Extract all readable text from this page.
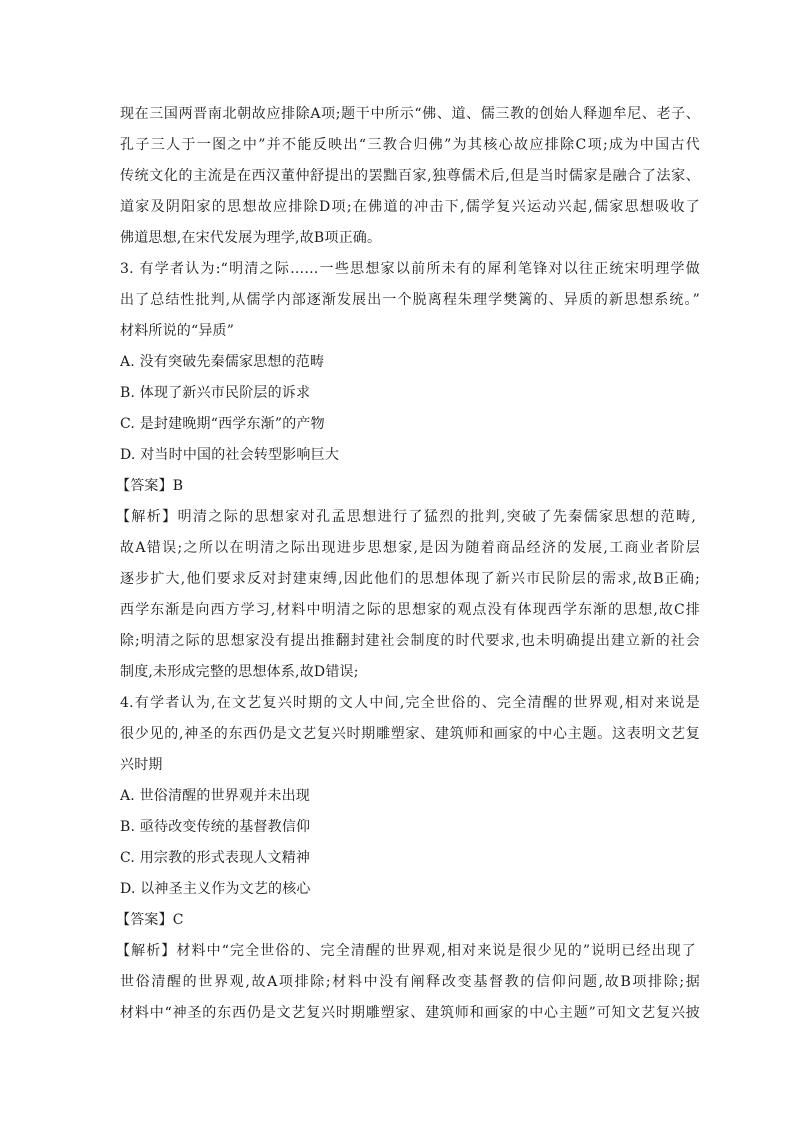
现在三国两晋南北朝故应排除A项;题干中所示“佛、道、儒三教的创始人释迦牟尼、老子、
孔子三人于一图之中”并不能反映出“三教合归佛”为其核心故应排除C项;成为中国古代
传统文化的主流是在西汉董仲舒提出的罢黜百家,独尊儒术后,但是当时儒家是融合了法家、
道家及阴阳家的思想故应排除D项;在佛道的冲击下,儒学复兴运动兴起,儒家思想吸收了
佛道思想,在宋代发展为理学,故B项正确。
3. 有学者认为:“明清之际……一些思想家以前所未有的犀利笔锋对以往正统宋明理学做
出了总结性批判,从儒学内部逐渐发展出一个脱离程朱理学樊篱的、异质的新思想系统。”
材料所说的“异质”
A. 没有突破先秦儒家思想的范畴
B. 体现了新兴市民阶层的诉求
C. 是封建晚期“西学东渐”的产物
D. 对当时中国的社会转型影响巨大
【答案】B
【解析】明清之际的思想家对孔孟思想进行了猛烈的批判,突破了先秦儒家思想的范畴,
故A错误;之所以在明清之际出现进步思想家,是因为随着商品经济的发展,工商业者阶层
逐步扩大,他们要求反对封建束缚,因此他们的思想体现了新兴市民阶层的需求,故B正确;
西学东渐是向西方学习,材料中明清之际的思想家的观点没有体现西学东渐的思想,故C排
除;明清之际的思想家没有提出推翻封建社会制度的时代要求,也未明确提出建立新的社会
制度,未形成完整的思想体系,故D错误;
4.有学者认为,在文艺复兴时期的文人中间,完全世俗的、完全清醒的世界观,相对来说是
很少见的,神圣的东西仍是文艺复兴时期雕塑家、建筑师和画家的中心主题。这表明文艺复
兴时期
A. 世俗清醒的世界观并未出现
B. 亟待改变传统的基督教信仰
C. 用宗教的形式表现人文精神
D. 以神圣主义作为文艺的核心
【答案】C
【解析】材料中“完全世俗的、完全清醒的世界观,相对来说是很少见的”说明已经出现了
世俗清醒的世界观,故A项排除;材料中没有阐释改变基督教的信仰问题,故B项排除;据
材料中“神圣的东西仍是文艺复兴时期雕塑家、建筑师和画家的中心主题”可知文艺复兴披
